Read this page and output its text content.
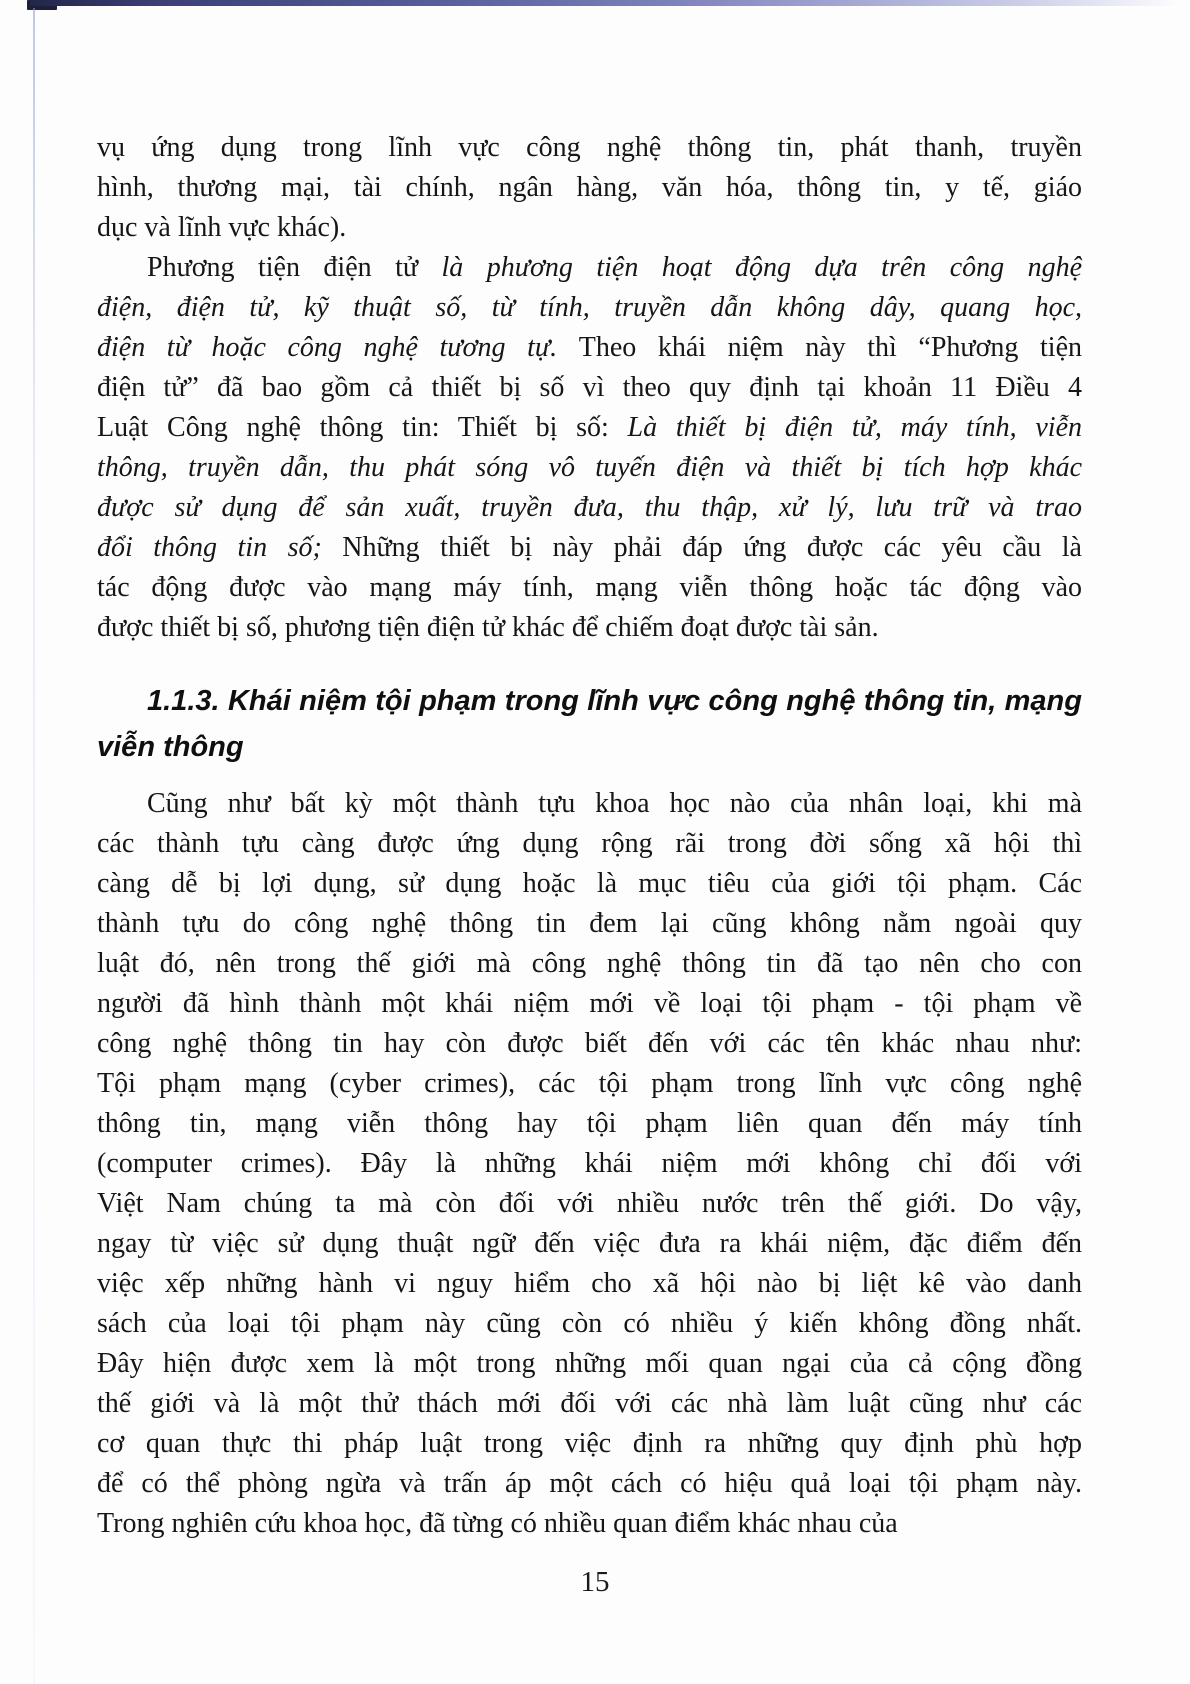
vụ ứng dụng trong lĩnh vực công nghệ thông tin, phát thanh, truyền
hình, thương mại, tài chính, ngân hàng, văn hóa, thông tin, y tế, giáo
dục và lĩnh vực khác).
Phương tiện điện tử là phương tiện hoạt động dựa trên công nghệ
điện, điện tử, kỹ thuật số, từ tính, truyền dẫn không dây, quang học,
điện từ hoặc công nghệ tương tự. Theo khái niệm này thì “Phương tiện
điện tử” đã bao gồm cả thiết bị số vì theo quy định tại khoản 11 Điều 4
Luật Công nghệ thông tin: Thiết bị số: Là thiết bị điện tử, máy tính, viễn
thông, truyền dẫn, thu phát sóng vô tuyến điện và thiết bị tích hợp khác
được sử dụng để sản xuất, truyền đưa, thu thập, xử lý, lưu trữ và trao
đổi thông tin số; Những thiết bị này phải đáp ứng được các yêu cầu là
tác động được vào mạng máy tính, mạng viễn thông hoặc tác động vào
được thiết bị số, phương tiện điện tử khác để chiếm đoạt được tài sản.
1.1.3. Khái niệm tội phạm trong lĩnh vực công nghệ thông tin, mạng
viễn thông
Cũng như bất kỳ một thành tựu khoa học nào của nhân loại, khi mà
các thành tựu càng được ứng dụng rộng rãi trong đời sống xã hội thì
càng dễ bị lợi dụng, sử dụng hoặc là mục tiêu của giới tội phạm. Các
thành tựu do công nghệ thông tin đem lại cũng không nằm ngoài quy
luật đó, nên trong thế giới mà công nghệ thông tin đã tạo nên cho con
người đã hình thành một khái niệm mới về loại tội phạm - tội phạm về
công nghệ thông tin hay còn được biết đến với các tên khác nhau như:
Tội phạm mạng (cyber crimes), các tội phạm trong lĩnh vực công nghệ
thông tin, mạng viễn thông hay tội phạm liên quan đến máy tính
(computer crimes). Đây là những khái niệm mới không chỉ đối với
Việt Nam chúng ta mà còn đối với nhiều nước trên thế giới. Do vậy,
ngay từ việc sử dụng thuật ngữ đến việc đưa ra khái niệm, đặc điểm đến
việc xếp những hành vi nguy hiểm cho xã hội nào bị liệt kê vào danh
sách của loại tội phạm này cũng còn có nhiều ý kiến không đồng nhất.
Đây hiện được xem là một trong những mối quan ngại của cả cộng đồng
thế giới và là một thử thách mới đối với các nhà làm luật cũng như các
cơ quan thực thi pháp luật trong việc định ra những quy định phù hợp
để có thể phòng ngừa và trấn áp một cách có hiệu quả loại tội phạm này.
Trong nghiên cứu khoa học, đã từng có nhiều quan điểm khác nhau của
15
